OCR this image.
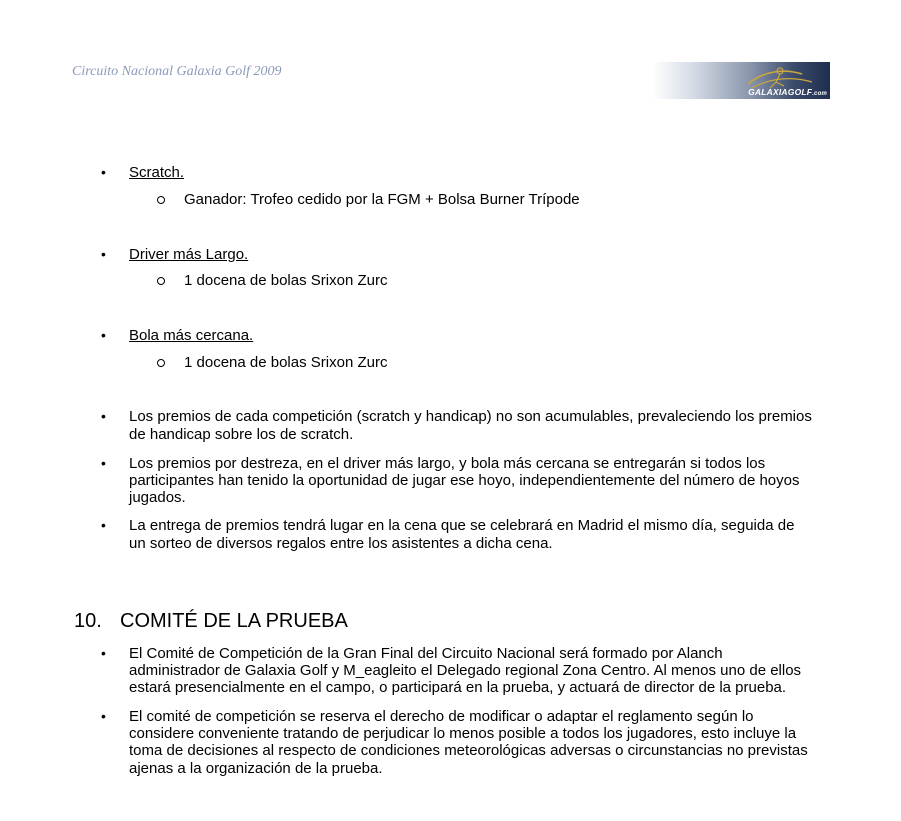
Circuito Nacional Galaxia Golf 2009
GALAXIAGOLF.com
• Scratch.
Ganador: Trofeo cedido por la FGM + Bolsa Burner Trípode
• Driver más Largo.
1 docena de bolas Srixon Zurc
• Bola más cercana.
1 docena de bolas Srixon Zurc
• Los premios de cada competición (scratch y handicap) no son acumulables, prevaleciendo los premios
de handicap sobre los de scratch.
• Los premios por destreza, en el driver más largo, y bola más cercana se entregarán si todos los
participantes han tenido la oportunidad de jugar ese hoyo, independientemente del número de hoyos
jugados.
• La entrega de premios tendrá lugar en la cena que se celebrará en Madrid el mismo día, seguida de
un sorteo de diversos regalos entre los asistentes a dicha cena.
10. COMITÉ DE LA PRUEBA
• El Comité de Competición de la Gran Final del Circuito Nacional será formado por Alanch
administrador de Galaxia Golf y M_eagleito el Delegado regional Zona Centro. Al menos uno de ellos
estará presencialmente en el campo, o participará en la prueba, y actuará de director de la prueba.
• El comité de competición se reserva el derecho de modificar o adaptar el reglamento según lo
considere conveniente tratando de perjudicar lo menos posible a todos los jugadores, esto incluye la
toma de decisiones al respecto de condiciones meteorológicas adversas o circunstancias no previstas
ajenas a la organización de la prueba.
